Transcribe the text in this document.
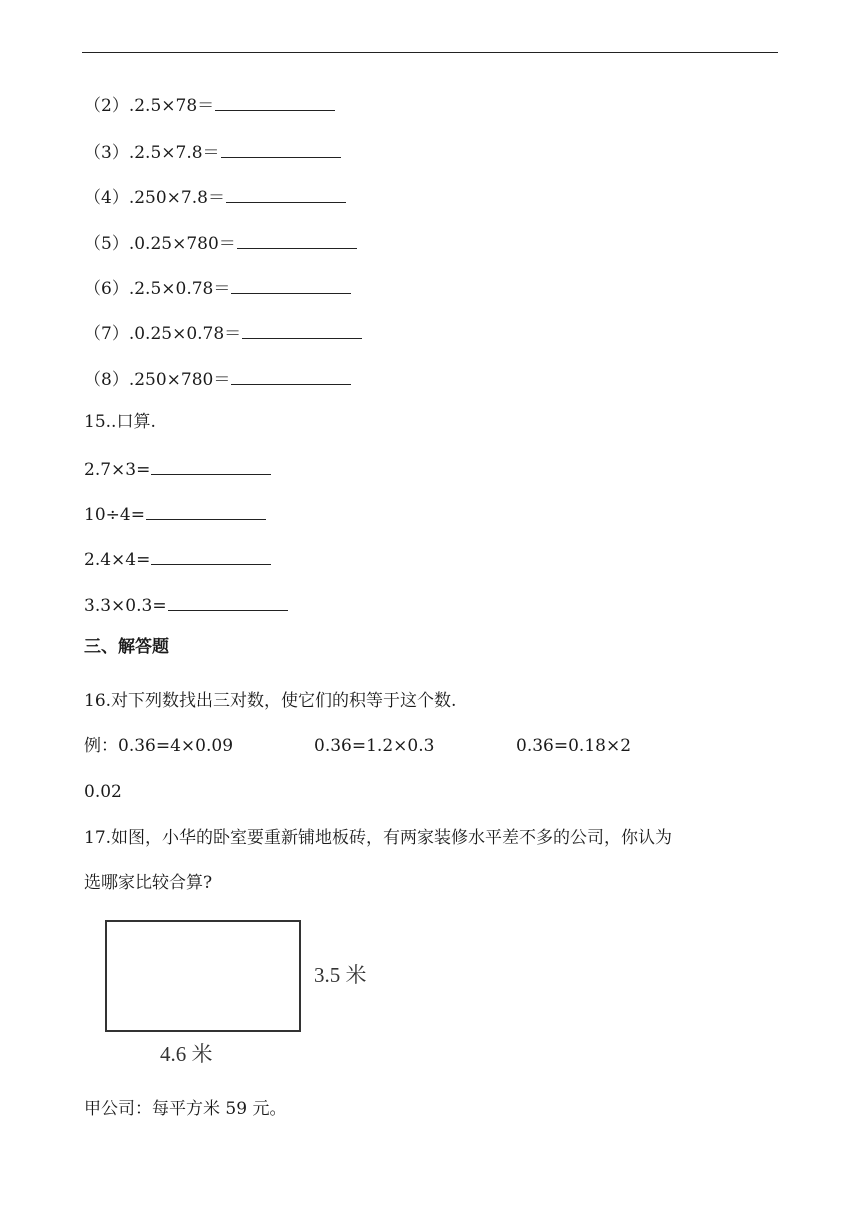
（2）.2.5×78＝
（3）.2.5×7.8＝
（4）.250×7.8＝
（5）.0.25×780＝
（6）.2.5×0.78＝
（7）.0.25×0.78＝
（8）.250×780＝
15..口算.
2.7×3=
10÷4=
2.4×4=
3.3×0.3=
三、解答题
16.对下列数找出三对数，使它们的积等于这个数.
例：0.36=4×0.09	0.36=1.2×0.3	0.36=0.18×2
0.02
17.如图，小华的卧室要重新铺地板砖，有两家装修水平差不多的公司，你认为
选哪家比较合算?
3.5 米
4.6 米
甲公司：每平方米 59 元。
